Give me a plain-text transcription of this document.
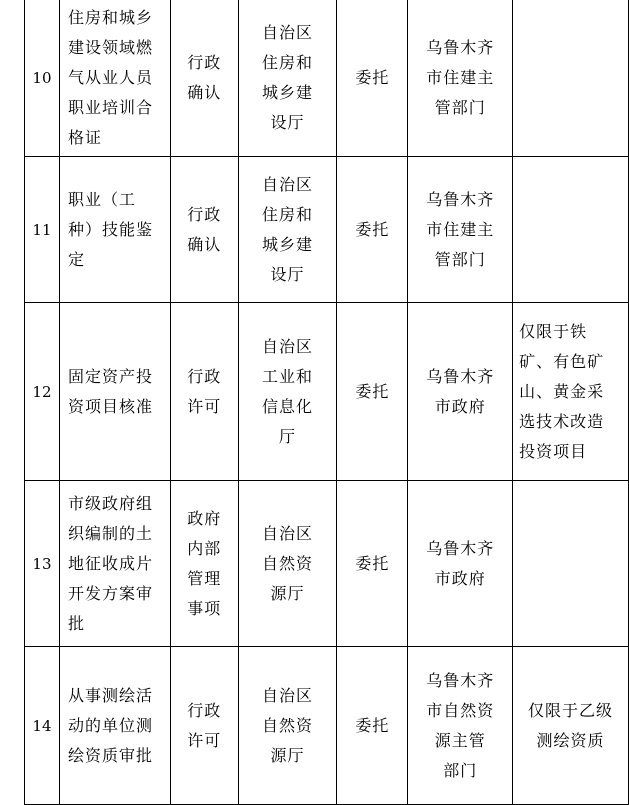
10	住房和城乡
建设领域燃
气从业人员
职业培训合
格证	行政
确认	自治区
住房和
城乡建
设厅	委托	乌鲁木齐
市住建主
管部门	
11	职业（工
种）技能鉴
定	行政
确认	自治区
住房和
城乡建
设厅	委托	乌鲁木齐
市住建主
管部门	
12	固定资产投
资项目核准	行政
许可	自治区
工业和
信息化
厅	委托	乌鲁木齐
市政府	仅限于铁
矿、有色矿
山、黄金采
选技术改造
投资项目
13	市级政府组
织编制的土
地征收成片
开发方案审
批	政府
内部
管理
事项	自治区
自然资
源厅	委托	乌鲁木齐
市政府	
14	从事测绘活
动的单位测
绘资质审批	行政
许可	自治区
自然资
源厅	委托	乌鲁木齐
市自然资
源主管
部门	仅限于乙级
测绘资质
